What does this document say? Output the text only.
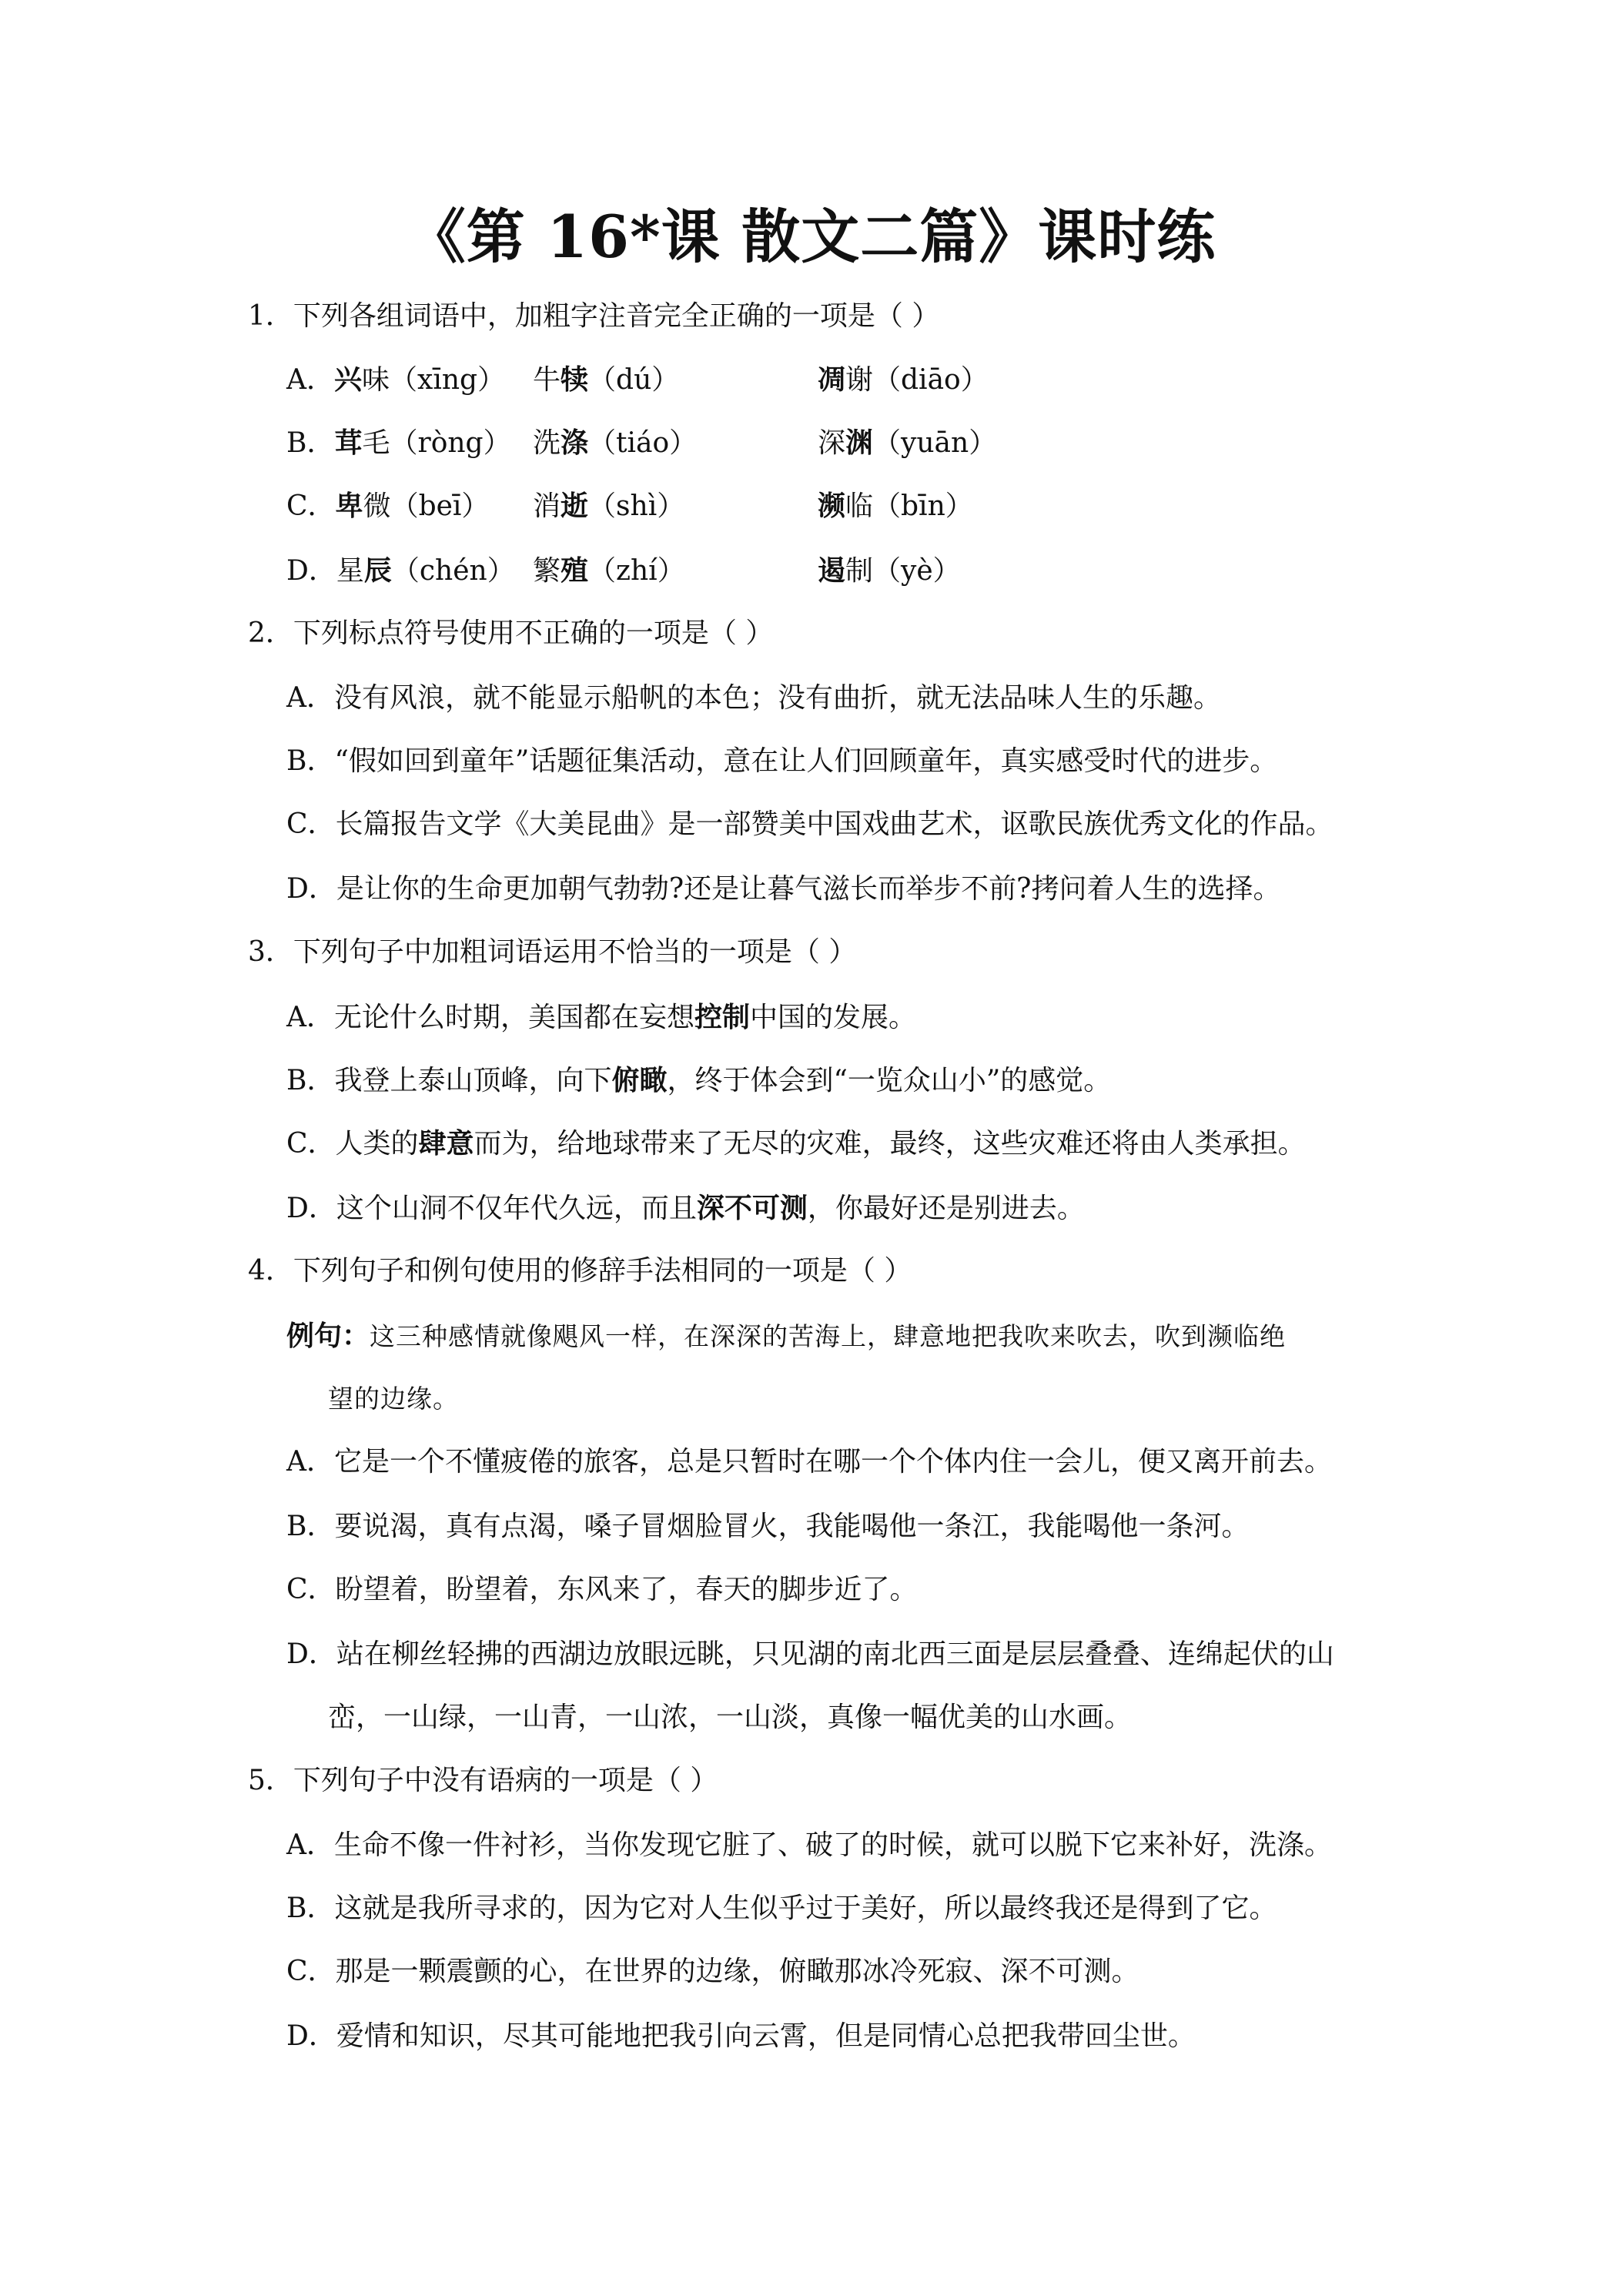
《第 16*课 散文二篇》课时练
1．下列各组词语中，加粗字注音完全正确的一项是（ ）
A．兴味（xīng） 牛犊（dú）	凋谢（diāo）
B．茸毛（ròng） 洗涤（tiáo）	深渊（yuān）
C．卑微（beī） 消逝（shì）	濒临（bīn）
D．星辰（chén） 繁殖（zhí）	遏制（yè）
2．下列标点符号使用不正确的一项是（ ）
A．没有风浪，就不能显示船帆的本色；没有曲折，就无法品味人生的乐趣。
B．“假如回到童年”话题征集活动，意在让人们回顾童年，真实感受时代的进步。
C．长篇报告文学《大美昆曲》是一部赞美中国戏曲艺术，讴歌民族优秀文化的作品。
D．是让你的生命更加朝气勃勃?还是让暮气滋长而举步不前?拷问着人生的选择。
3．下列句子中加粗词语运用不恰当的一项是（ ）
A．无论什么时期，美国都在妄想控制中国的发展。
B．我登上泰山顶峰，向下俯瞰，终于体会到“一览众山小”的感觉。
C．人类的肆意而为，给地球带来了无尽的灾难，最终，这些灾难还将由人类承担。
D．这个山洞不仅年代久远，而且深不可测，你最好还是别进去。
4．下列句子和例句使用的修辞手法相同的一项是（ ）
例句：这三种感情就像飓风一样，在深深的苦海上，肆意地把我吹来吹去，吹到濒临绝
望的边缘。
A．它是一个不懂疲倦的旅客，总是只暂时在哪一个个体内住一会儿，便又离开前去。
B．要说渴，真有点渴，嗓子冒烟脸冒火，我能喝他一条江，我能喝他一条河。
C．盼望着，盼望着，东风来了，春天的脚步近了。
D．站在柳丝轻拂的西湖边放眼远眺，只见湖的南北西三面是层层叠叠、连绵起伏的山
峦，一山绿，一山青，一山浓，一山淡，真像一幅优美的山水画。
5．下列句子中没有语病的一项是（ ）
A．生命不像一件衬衫，当你发现它脏了、破了的时候，就可以脱下它来补好，洗涤。
B．这就是我所寻求的，因为它对人生似乎过于美好，所以最终我还是得到了它。
C．那是一颗震颤的心，在世界的边缘，俯瞰那冰冷死寂、深不可测。
D．爱情和知识，尽其可能地把我引向云霄，但是同情心总把我带回尘世。
